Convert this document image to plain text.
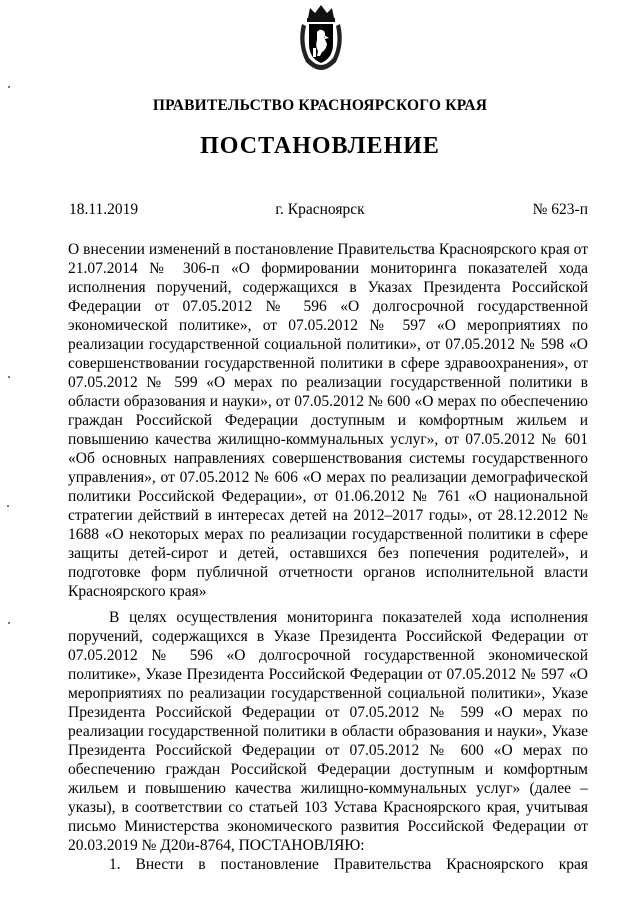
ПРАВИТЕЛЬСТВО КРАСНОЯРСКОГО КРАЯ
ПОСТАНОВЛЕНИЕ
18.11.2019	г. Красноярск	№ 623-п

О внесении изменений в постановление Правительства Красноярского края от 21.07.2014 № 306-п «О формировании мониторинга показателей хода исполнения поручений, содержащихся в Указах Президента Российской Федерации от 07.05.2012 № 596 «О долгосрочной государственной экономической политике», от 07.05.2012 № 597 «О мероприятиях по реализации государственной социальной политики», от 07.05.2012 № 598 «О совершенствовании государственной политики в сфере здравоохранения», от 07.05.2012 № 599 «О мерах по реализации государственной политики в области образования и науки», от 07.05.2012 № 600 «О мерах по обеспечению граждан Российской Федерации доступным и комфортным жильем и повышению качества жилищно-коммунальных услуг», от 07.05.2012 № 601 «Об основных направлениях совершенствования системы государственного управления», от 07.05.2012 № 606 «О мерах по реализации демографической политики Российской Федерации», от 01.06.2012 № 761 «О национальной стратегии действий в интересах детей на 2012–2017 годы», от 28.12.2012 № 1688 «О некоторых мерах по реализации государственной политики в сфере защиты детей-сирот и детей, оставшихся без попечения родителей», и подготовке форм публичной отчетности органов исполнительной власти Красноярского края»

В целях осуществления мониторинга показателей хода исполнения поручений, содержащихся в Указе Президента Российской Федерации от 07.05.2012 № 596 «О долгосрочной государственной экономической политике», Указе Президента Российской Федерации от 07.05.2012 № 597 «О мероприятиях по реализации государственной социальной политики», Указе Президента Российской Федерации от 07.05.2012 № 599 «О мерах по реализации государственной политики в области образования и науки», Указе Президента Российской Федерации от 07.05.2012 № 600 «О мерах по обеспечению граждан Российской Федерации доступным и комфортным жильем и повышению качества жилищно-коммунальных услуг» (далее – указы), в соответствии со статьей 103 Устава Красноярского края, учитывая письмо Министерства экономического развития Российской Федерации от 20.03.2019 № Д20и-8764, ПОСТАНОВЛЯЮ:

1. Внести в постановление Правительства Красноярского края
